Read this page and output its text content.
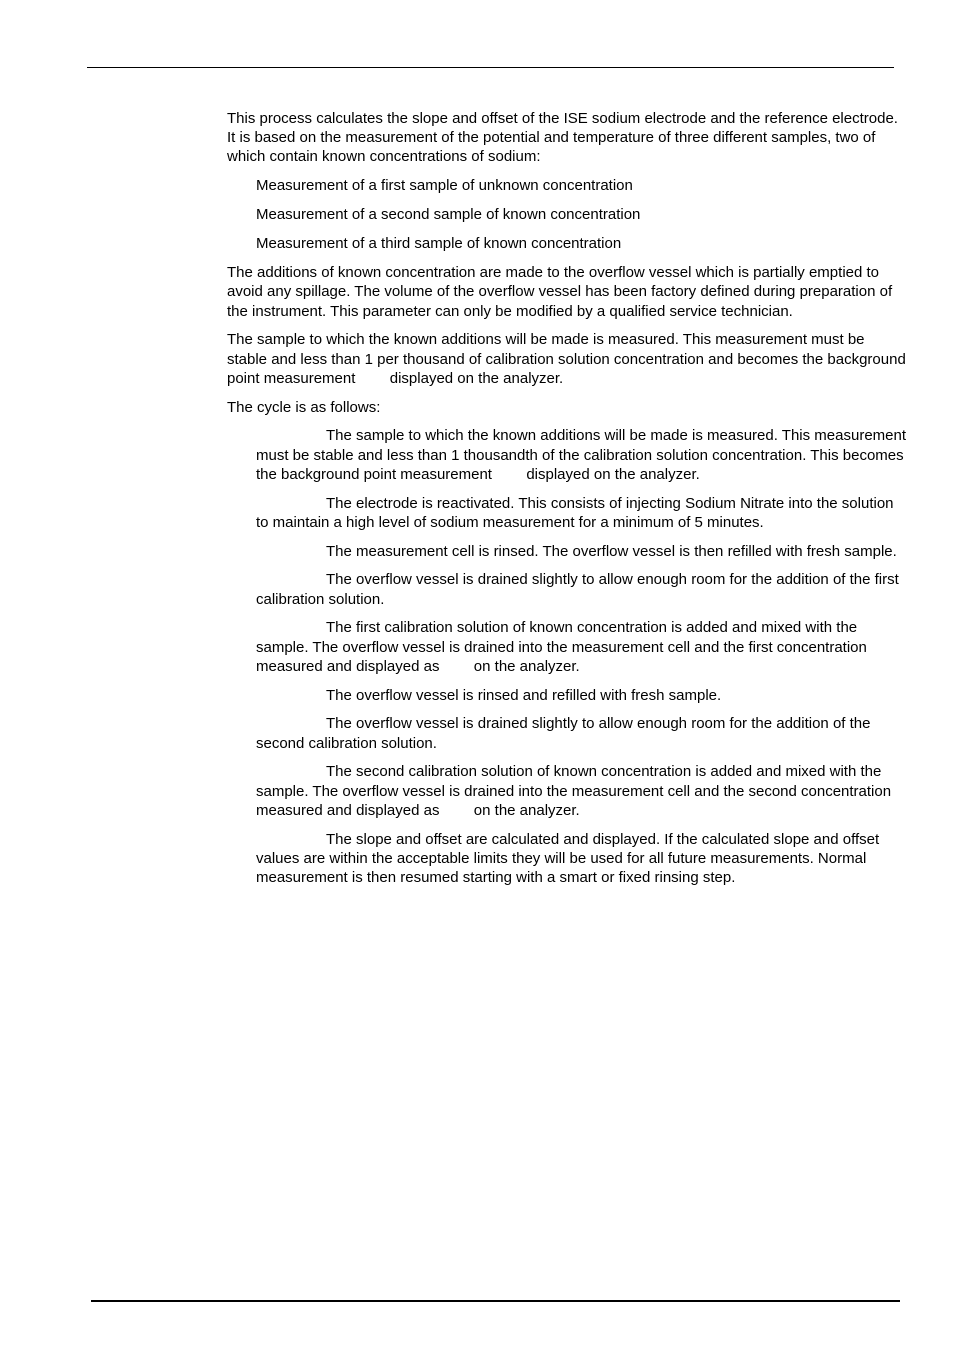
This process calculates the slope and offset of the ISE sodium electrode and the reference electrode. It is based on the measurement of the potential and temperature of three different samples, two of which contain known concentrations of sodium:

Measurement of a first sample of unknown concentration

Measurement of a second sample of known concentration

Measurement of a third sample of known concentration

The additions of known concentration are made to the overflow vessel which is partially emptied to avoid any spillage. The volume of the overflow vessel has been factory defined during preparation of the instrument. This parameter can only be modified by a qualified service technician.

The sample to which the known additions will be made is measured. This measurement must be stable and less than 1 per thousand of calibration solution concentration and becomes the background point measurement displayed on the analyzer.

The cycle is as follows:

The sample to which the known additions will be made is measured. This measurement must be stable and less than 1 thousandth of the calibration solution concentration. This becomes the background point measurement displayed on the analyzer.

The electrode is reactivated. This consists of injecting Sodium Nitrate into the solution to maintain a high level of sodium measurement for a minimum of 5 minutes.

The measurement cell is rinsed. The overflow vessel is then refilled with fresh sample.

The overflow vessel is drained slightly to allow enough room for the addition of the first calibration solution.

The first calibration solution of known concentration is added and mixed with the sample. The overflow vessel is drained into the measurement cell and the first concentration measured and displayed as on the analyzer.

The overflow vessel is rinsed and refilled with fresh sample.

The overflow vessel is drained slightly to allow enough room for the addition of the second calibration solution.

The second calibration solution of known concentration is added and mixed with the sample. The overflow vessel is drained into the measurement cell and the second concentration measured and displayed as on the analyzer.

The slope and offset are calculated and displayed. If the calculated slope and offset values are within the acceptable limits they will be used for all future measurements. Normal measurement is then resumed starting with a smart or fixed rinsing step.
